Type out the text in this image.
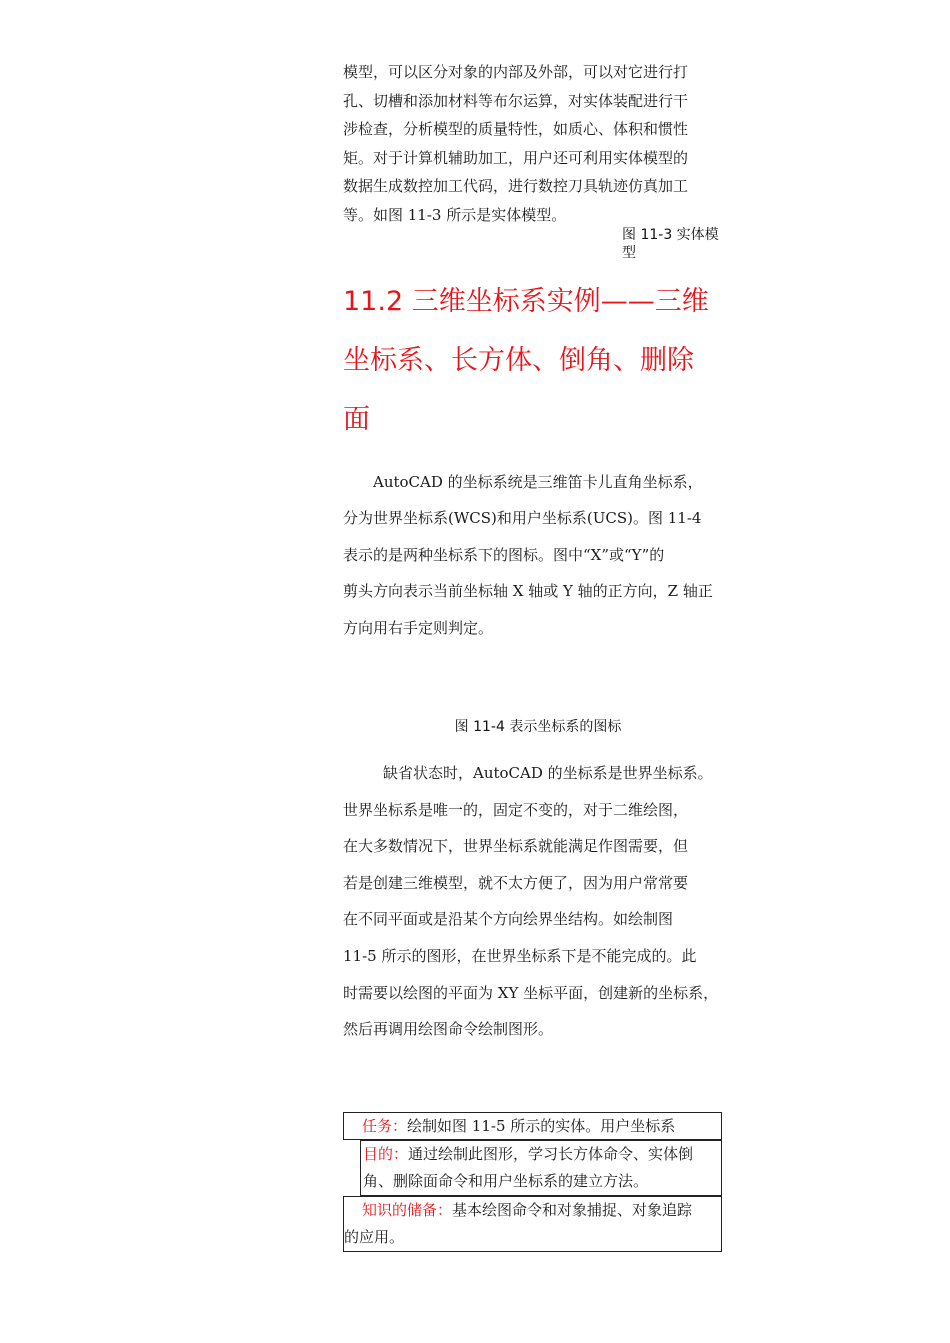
模型，可以区分对象的内部及外部，可以对它进行打
孔、切槽和添加材料等布尔运算，对实体装配进行干
涉检查，分析模型的质量特性，如质心、体积和惯性
矩。对于计算机辅助加工，用户还可利用实体模型的
数据生成数控加工代码，进行数控刀具轨迹仿真加工
等。如图 11-3 所示是实体模型。
图 11-3 实体模型
11.2 三维坐标系实例——三维
坐标系、长方体、倒角、删除
面
AutoCAD 的坐标系统是三维笛卡儿直角坐标系，
分为世界坐标系(WCS)和用户坐标系(UCS)。图 11-4
表示的是两种坐标系下的图标。图中“X”或“Y”的
剪头方向表示当前坐标轴 X 轴或 Y 轴的正方向，Z 轴正
方向用右手定则判定。
图 11-4 表示坐标系的图标
缺省状态时，AutoCAD 的坐标系是世界坐标系。
世界坐标系是唯一的，固定不变的，对于二维绘图，
在大多数情况下，世界坐标系就能满足作图需要，但
若是创建三维模型，就不太方便了，因为用户常常要
在不同平面或是沿某个方向绘界坐结构。如绘制图
11-5 所示的图形，在世界坐标系下是不能完成的。此
时需要以绘图的平面为 XY 坐标平面，创建新的坐标系，
然后再调用绘图命令绘制图形。
任务：绘制如图 11-5 所示的实体。用户坐标系
目的：通过绘制此图形，学习长方体命令、实体倒
角、删除面命令和用户坐标系的建立方法。
知识的储备：基本绘图命令和对象捕捉、对象追踪
的应用。
